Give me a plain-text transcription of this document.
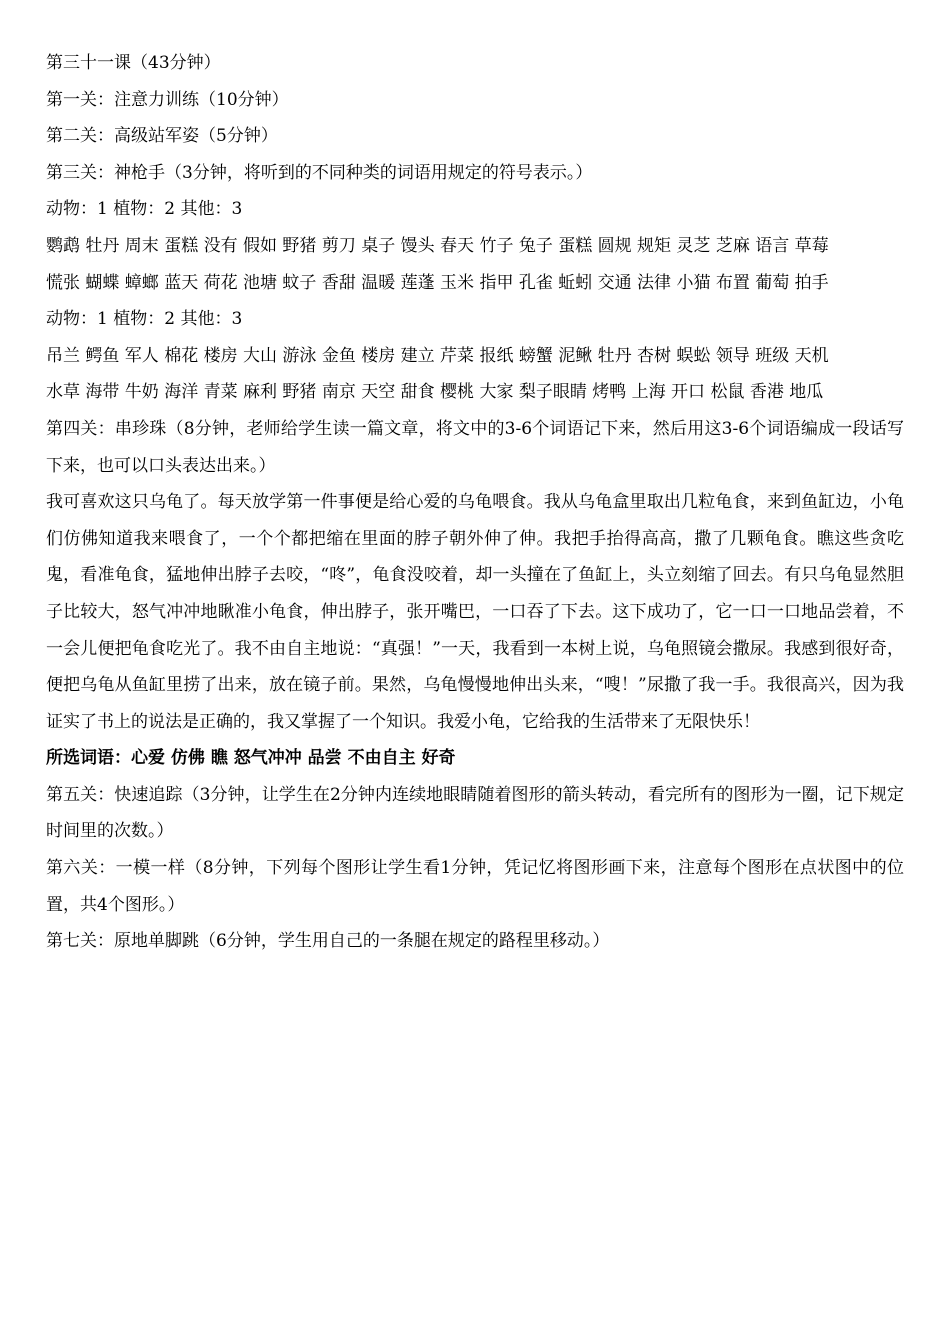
第三十一课（43分钟）
第一关：注意力训练（10分钟）
第二关：高级站军姿（5分钟）
第三关：神枪手（3分钟，将听到的不同种类的词语用规定的符号表示。）
动物：1 植物：2 其他：3
鹦鹉 牡丹 周末 蛋糕 没有 假如 野猪 剪刀 桌子 馒头 春天 竹子 兔子 蛋糕 圆规 规矩 灵芝 芝麻 语言 草莓
慌张 蝴蝶 蟑螂 蓝天 荷花 池塘 蚊子 香甜 温暖 莲蓬 玉米 指甲 孔雀 蚯蚓 交通 法律 小猫 布置 葡萄 拍手
动物：1 植物：2 其他：3
吊兰 鳄鱼 军人 棉花 楼房 大山 游泳 金鱼 楼房 建立 芹菜 报纸 螃蟹 泥鳅 牡丹 杏树 蜈蚣 领导 班级 天机
水草 海带 牛奶 海洋 青菜 麻利 野猪 南京 天空 甜食 樱桃 大家 梨子眼睛 烤鸭 上海 开口 松鼠 香港 地瓜
第四关：串珍珠（8分钟，老师给学生读一篇文章，将文中的3-6个词语记下来，然后用这3-6个词语编成一段话写下来，也可以口头表达出来。）
我可喜欢这只乌龟了。每天放学第一件事便是给心爱的乌龟喂食。我从乌龟盒里取出几粒龟食，来到鱼缸边，小龟们仿佛知道我来喂食了，一个个都把缩在里面的脖子朝外伸了伸。我把手抬得高高，撒了几颗龟食。瞧这些贪吃鬼，看准龟食，猛地伸出脖子去咬，“咚”，龟食没咬着，却一头撞在了鱼缸上，头立刻缩了回去。有只乌龟显然胆子比较大，怒气冲冲地瞅准小龟食，伸出脖子，张开嘴巴，一口吞了下去。这下成功了，它一口一口地品尝着，不一会儿便把龟食吃光了。我不由自主地说：“真强！”一天，我看到一本树上说，乌龟照镜会撒尿。我感到很好奇，便把乌龟从鱼缸里捞了出来，放在镜子前。果然，乌龟慢慢地伸出头来，“嗖！”尿撒了我一手。我很高兴，因为我证实了书上的说法是正确的，我又掌握了一个知识。我爱小龟，它给我的生活带来了无限快乐！
所选词语：心爱 仿佛 瞧 怒气冲冲 品尝 不由自主 好奇
第五关：快速追踪（3分钟，让学生在2分钟内连续地眼睛随着图形的箭头转动，看完所有的图形为一圈，记下规定时间里的次数。）
第六关：一模一样（8分钟，下列每个图形让学生看1分钟，凭记忆将图形画下来，注意每个图形在点状图中的位置，共4个图形。）
第七关：原地单脚跳（6分钟，学生用自己的一条腿在规定的路程里移动。）
